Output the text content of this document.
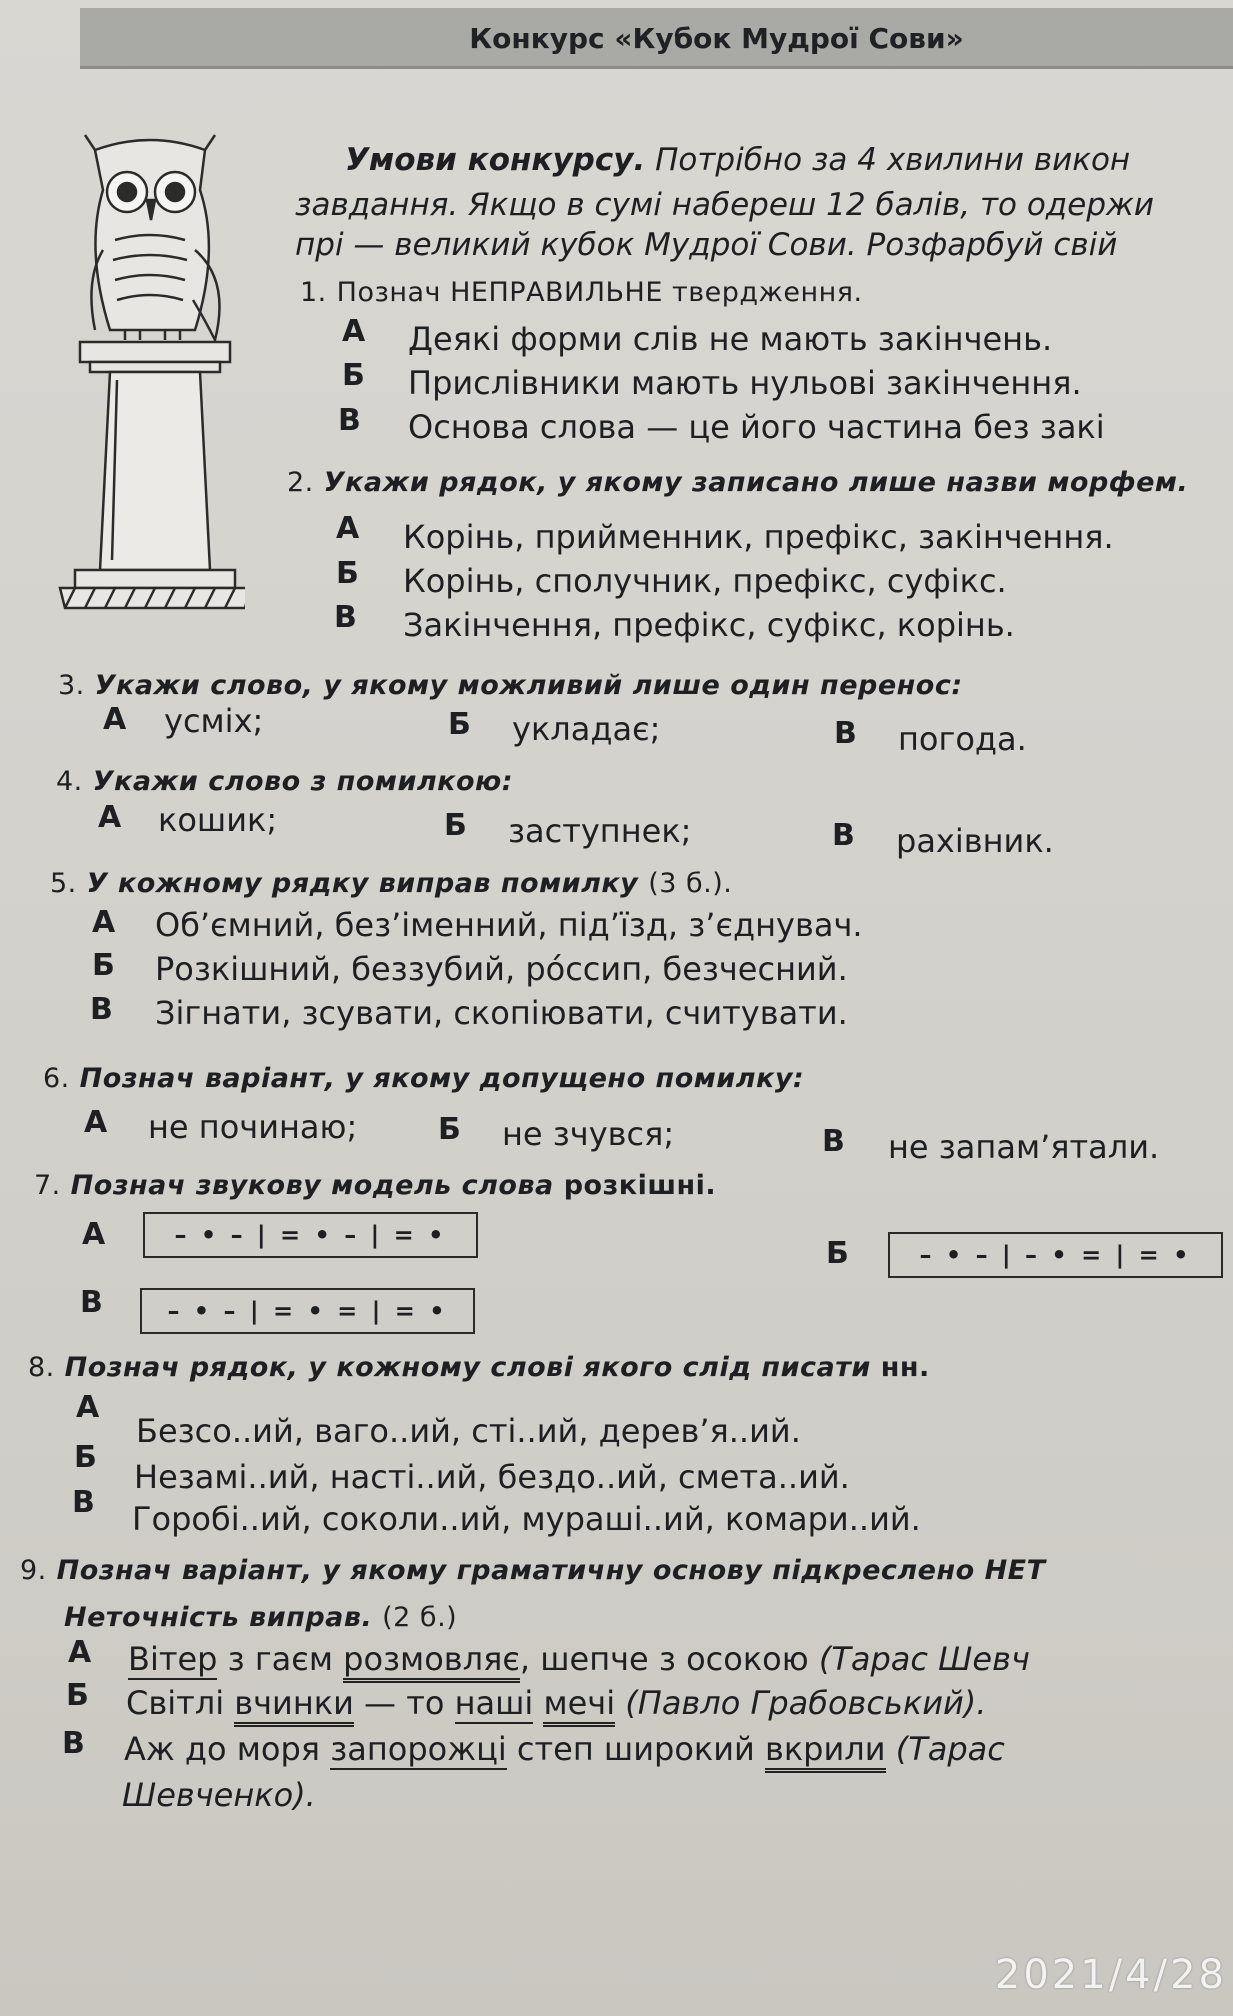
Конкурс «Кубок Мудрої Сови»
Умови конкурсу. Потрібно за 4 хвилини викон
завдання. Якщо в сумі набереш 12 балів, то одержи
прі — великий кубок Мудрої Сови. Розфарбуй свій
1. Познач НЕПРАВИЛЬНЕ твердження.
А Деякі форми слів не мають закінчень.
Б Прислівники мають нульові закінчення.
В Основа слова — це його частина без закі
2. Укажи рядок, у якому записано лише назви морфем.
А Корінь, прийменник, префікс, закінчення.
Б Корінь, сполучник, префікс, суфікс.
В Закінчення, префікс, суфікс, корінь.
3. Укажи слово, у якому можливий лише один перенос:
А усміх;	Б укладає;	В погода.
4. Укажи слово з помилкою:
А кошик;	Б заступнек;	В рахівник.
5. У кожному рядку виправ помилку (3 б.).
А Об’ємний, без’іменний, під’їзд, з’єднувач.
Б Розкішний, беззубий, ро́ссип, безчесний.
В Зігнати, зсувати, скопіювати, считувати.
6. Познач варіант, у якому допущено помилку:
А не починаю;	Б не зчувся;	В не запам’ятали.
7. Познач звукову модель слова розкішні.
А	– • – | = • – | = •
Б	– • – | – • = | = •
В	– • – | = • = | = •
8. Познач рядок, у кожному слові якого слід писати нн.
А
Безсо..ий, ваго..ий, сті..ий, дерев’я..ий.
Б
Незамі..ий, насті..ий, бездо..ий, смета..ий.
В Горобі..ий, соколи..ий, мураші..ий, комари..ий.
9. Познач варіант, у якому граматичну основу підкреслено НЕТ
Неточність виправ. (2 б.)
А Вітер з гаєм розмовляє, шепче з осокою (Тарас Шевч
Б Світлі вчинки — то наші мечі (Павло Грабовський).
В Аж до моря запорожці степ широкий вкрили (Тарас
Шевченко).
2021/4/28
